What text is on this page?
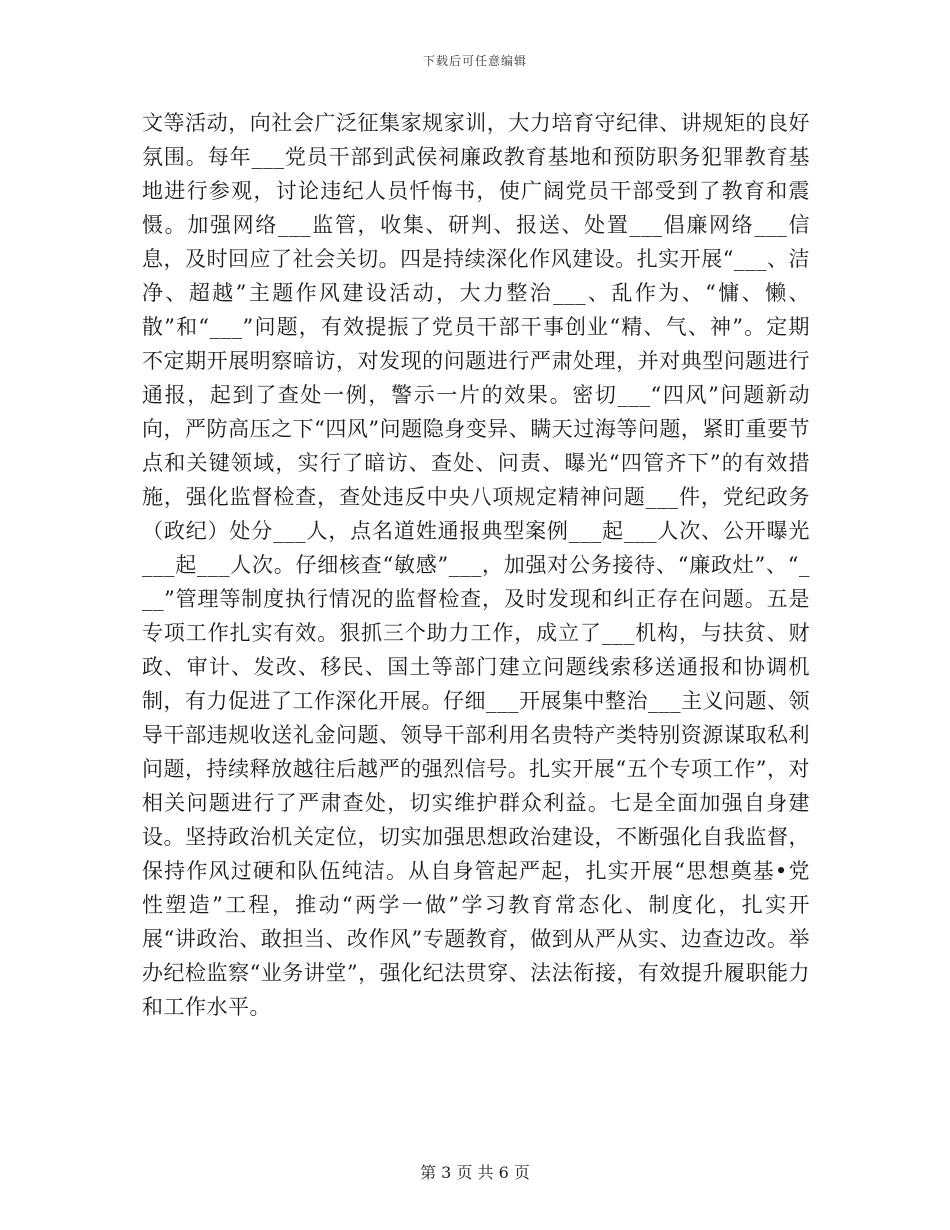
下载后可任意编辑

文等活动，向社会广泛征集家规家训，大力培育守纪律、讲规矩的良好氛围。每年___党员干部到武侯祠廉政教育基地和预防职务犯罪教育基地进行参观，讨论违纪人员忏悔书，使广阔党员干部受到了教育和震慑。加强网络___监管，收集、研判、报送、处置___倡廉网络___信息，及时回应了社会关切。四是持续深化作风建设。扎实开展“___、洁净、超越”主题作风建设活动，大力整治___、乱作为、“慵、懒、散”和“___”问题，有效提振了党员干部干事创业“精、气、神”。定期不定期开展明察暗访，对发现的问题进行严肃处理，并对典型问题进行通报，起到了查处一例，警示一片的效果。密切___“四风”问题新动向，严防高压之下“四风”问题隐身变异、瞒天过海等问题，紧盯重要节点和关键领域，实行了暗访、查处、问责、曝光“四管齐下”的有效措施，强化监督检查，查处违反中央八项规定精神问题___件，党纪政务（政纪）处分___人，点名道姓通报典型案例___起___人次、公开曝光___起___人次。仔细核查“敏感”___，加强对公务接待、“廉政灶”、“___”管理等制度执行情况的监督检查，及时发现和纠正存在问题。五是专项工作扎实有效。狠抓三个助力工作，成立了___机构，与扶贫、财政、审计、发改、移民、国土等部门建立问题线索移送通报和协调机制，有力促进了工作深化开展。仔细___开展集中整治___主义问题、领导干部违规收送礼金问题、领导干部利用名贵特产类特别资源谋取私利问题，持续释放越往后越严的强烈信号。扎实开展“五个专项工作”，对相关问题进行了严肃查处，切实维护群众利益。七是全面加强自身建设。坚持政治机关定位，切实加强思想政治建设，不断强化自我监督，保持作风过硬和队伍纯洁。从自身管起严起，扎实开展“思想奠基•党性塑造”工程，推动“两学一做”学习教育常态化、制度化，扎实开展“讲政治、敢担当、改作风”专题教育，做到从严从实、边查边改。举办纪检监察“业务讲堂”，强化纪法贯穿、法法衔接，有效提升履职能力和工作水平。

第 3 页 共 6 页
